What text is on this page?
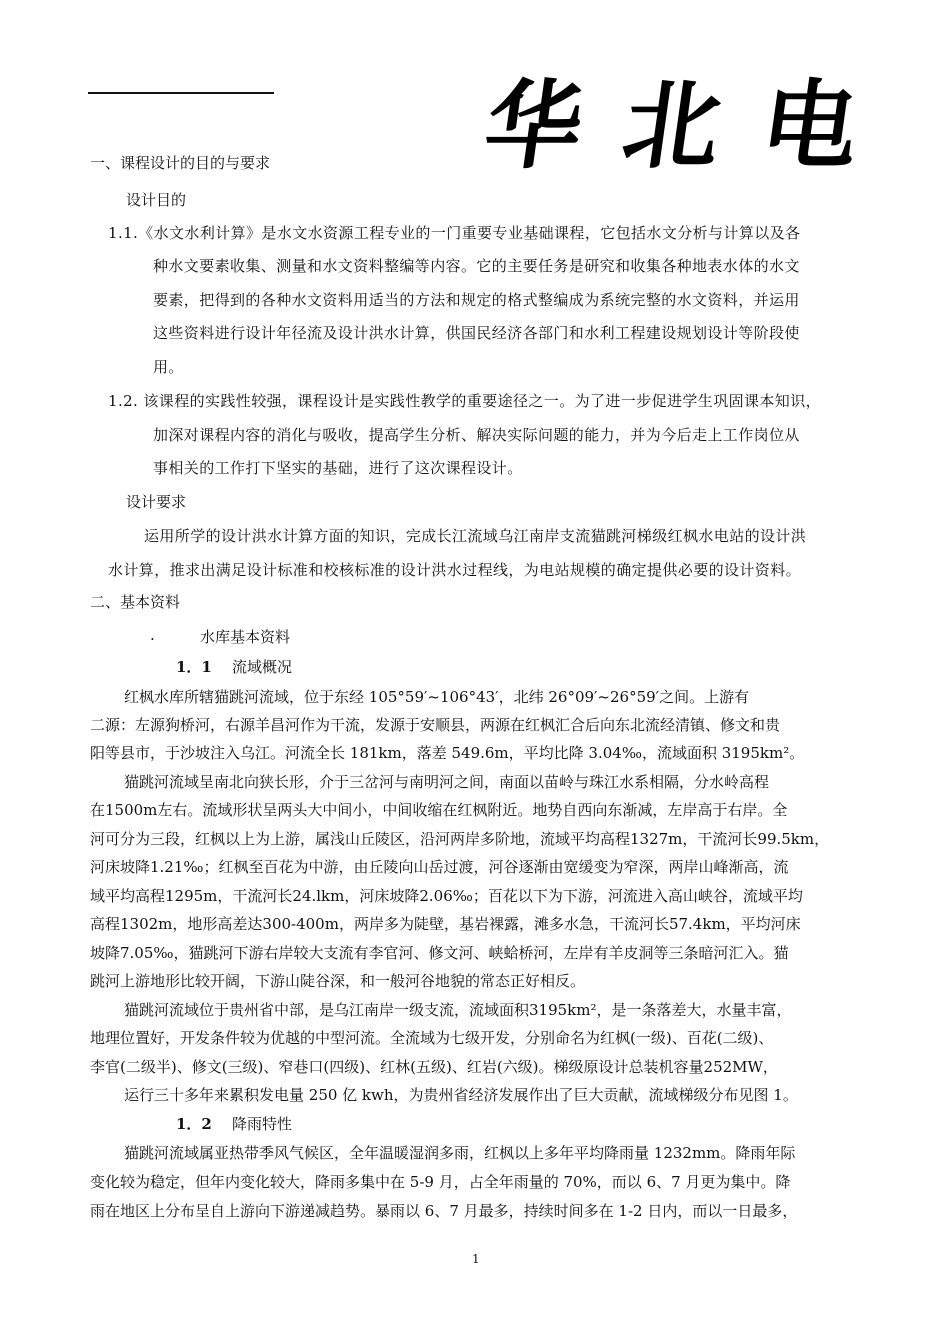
华北电
一、课程设计的目的与要求
设计目的
1.1.《水文水利计算》是水文水资源工程专业的一门重要专业基础课程，它包括水文分析与计算以及各
种水文要素收集、测量和水文资料整编等内容。它的主要任务是研究和收集各种地表水体的水文
要素，把得到的各种水文资料用适当的方法和规定的格式整编成为系统完整的水文资料，并运用
这些资料进行设计年径流及设计洪水计算，供国民经济各部门和水利工程建设规划设计等阶段使
用。
1.2. 该课程的实践性较强，课程设计是实践性教学的重要途径之一。为了进一步促进学生巩固课本知识，
加深对课程内容的消化与吸收，提高学生分析、解决实际问题的能力，并为今后走上工作岗位从
事相关的工作打下坚实的基础，进行了这次课程设计。
设计要求
运用所学的设计洪水计算方面的知识，完成长江流域乌江南岸支流猫跳河梯级红枫水电站的设计洪
水计算，推求出满足设计标准和校核标准的设计洪水过程线，为电站规模的确定提供必要的设计资料。
二、基本资料
.	水库基本资料
1．1 流域概况
红枫水库所辖猫跳河流域，位于东经 105°59′~106°43′，北纬 26°09′~26°59′之间。上游有
二源：左源狗桥河，右源羊昌河作为干流，发源于安顺县，两源在红枫汇合后向东北流经清镇、修文和贵
阳等县市，于沙坡注入乌江。河流全长 181km，落差 549.6m，平均比降 3.04‰，流域面积 3195km²。
猫跳河流域呈南北向狭长形，介于三岔河与南明河之间，南面以苗岭与珠江水系相隔，分水岭高程
在1500m左右。流域形状呈两头大中间小，中间收缩在红枫附近。地势自西向东渐减，左岸高于右岸。全
河可分为三段，红枫以上为上游，属浅山丘陵区，沿河两岸多阶地，流域平均高程1327m，干流河长99.5km，
河床坡降1.21‰；红枫至百花为中游，由丘陵向山岳过渡，河谷逐渐由宽缓变为窄深，两岸山峰渐高，流
域平均高程1295m，干流河长24.lkm，河床坡降2.06‰；百花以下为下游，河流进入高山峡谷，流域平均
高程1302m，地形高差达300-400m，两岸多为陡壁，基岩裸露，滩多水急，干流河长57.4km，平均河床
坡降7.05‰，猫跳河下游右岸较大支流有李官河、修文河、峡蛤桥河，左岸有羊皮洞等三条暗河汇入。猫
跳河上游地形比较开阔，下游山陡谷深，和一般河谷地貌的常态正好相反。
猫跳河流域位于贵州省中部，是乌江南岸一级支流，流域面积3195km²，是一条落差大，水量丰富，
地理位置好，开发条件较为优越的中型河流。全流域为七级开发，分别命名为红枫(一级)、百花(二级)、
李官(二级半)、修文(三级)、窄巷口(四级)、红林(五级)、红岩(六级)。梯级原设计总装机容量252MW，
运行三十多年来累积发电量 250 亿 kwh，为贵州省经济发展作出了巨大贡献，流域梯级分布见图 1。
1．2 降雨特性
猫跳河流域属亚热带季风气候区，全年温暖湿润多雨，红枫以上多年平均降雨量 1232mm。降雨年际
变化较为稳定，但年内变化较大，降雨多集中在 5-9 月，占全年雨量的 70%，而以 6、7 月更为集中。降
雨在地区上分布呈自上游向下游递减趋势。暴雨以 6、7 月最多，持续时间多在 1-2 日内，而以一日最多，
1
